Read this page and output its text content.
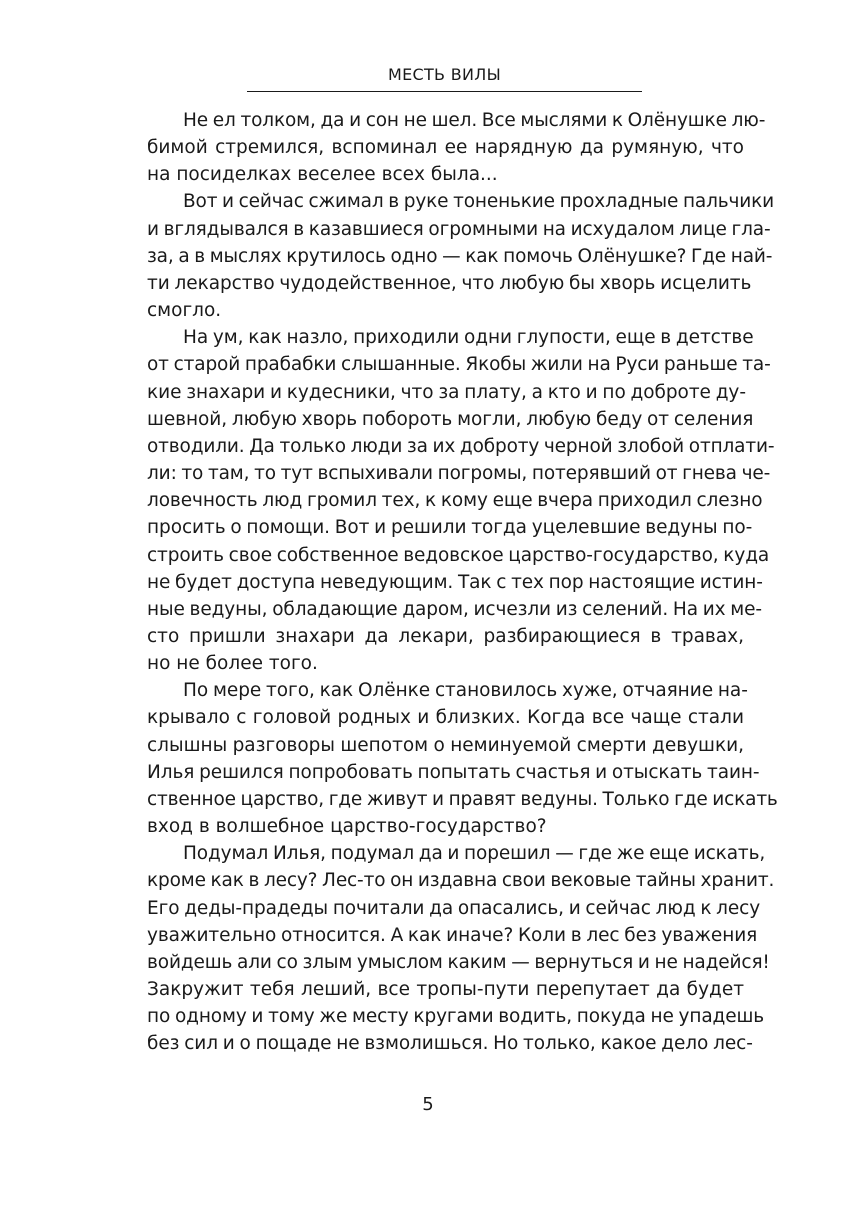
МЕСТЬ ВИЛЫ

Не ел толком, да и сон не шел. Все мыслями к Олёнушке лю-
бимой стремился, вспоминал ее нарядную да румяную, что
на посиделках веселее всех была...

Вот и сейчас сжимал в руке тоненькие прохладные пальчики
и вглядывался в казавшиеся огромными на исхудалом лице гла-
за, а в мыслях крутилось одно — как помочь Олёнушке? Где най-
ти лекарство чудодейственное, что любую бы хворь исцелить
смогло.

На ум, как назло, приходили одни глупости, еще в детстве
от старой прабабки слышанные. Якобы жили на Руси раньше та-
кие знахари и кудесники, что за плату, а кто и по доброте ду-
шевной, любую хворь побороть могли, любую беду от селения
отводили. Да только люди за их доброту черной злобой отплати-
ли: то там, то тут вспыхивали погромы, потерявший от гнева че-
ловечность люд громил тех, к кому еще вчера приходил слезно
просить о помощи. Вот и решили тогда уцелевшие ведуны по-
строить свое собственное ведовское царство-государство, куда
не будет доступа неведующим. Так с тех пор настоящие истин-
ные ведуны, обладающие даром, исчезли из селений. На их ме-
сто пришли знахари да лекари, разбирающиеся в травах,
но не более того.

По мере того, как Олёнке становилось хуже, отчаяние на-
крывало с головой родных и близких. Когда все чаще стали
слышны разговоры шепотом о неминуемой смерти девушки,
Илья решился попробовать попытать счастья и отыскать таин-
ственное царство, где живут и правят ведуны. Только где искать
вход в волшебное царство-государство?

Подумал Илья, подумал да и порешил — где же еще искать,
кроме как в лесу? Лес-то он издавна свои вековые тайны хранит.
Его деды-прадеды почитали да опасались, и сейчас люд к лесу
уважительно относится. А как иначе? Коли в лес без уважения
войдешь али со злым умыслом каким — вернуться и не надейся!
Закружит тебя леший, все тропы-пути перепутает да будет
по одному и тому же месту кругами водить, покуда не упадешь
без сил и о пощаде не взмолишься. Но только, какое дело лес-

5
